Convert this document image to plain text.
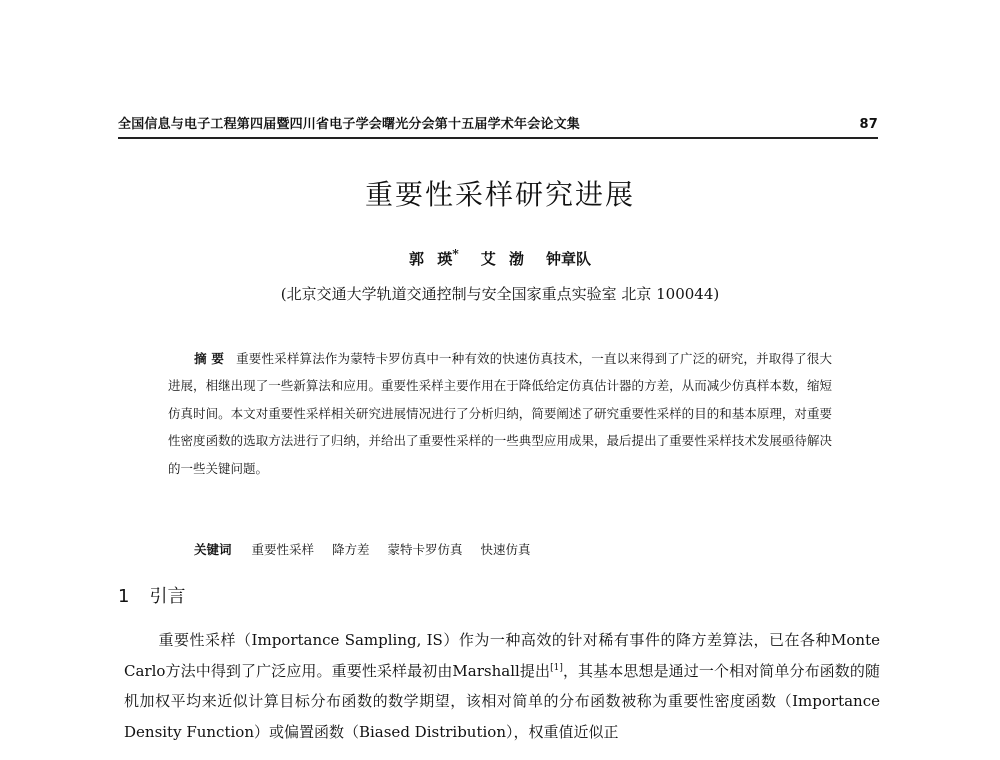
全国信息与电子工程第四届暨四川省电子学会曙光分会第十五届学术年会论文集	87
重要性采样研究进展
郭 瑛* 艾 渤 钟章队
(北京交通大学轨道交通控制与安全国家重点实验室 北京 100044)
摘 要 重要性采样算法作为蒙特卡罗仿真中一种有效的快速仿真技术，一直以来得到了广泛的研究，并取得了很大进展，相继出现了一些新算法和应用。重要性采样主要作用在于降低给定仿真估计器的方差，从而减少仿真样本数，缩短仿真时间。本文对重要性采样相关研究进展情况进行了分析归纳，简要阐述了研究重要性采样的目的和基本原理，对重要性密度函数的选取方法进行了归纳，并给出了重要性采样的一些典型应用成果，最后提出了重要性采样技术发展亟待解决的一些关键问题。
关键词 重要性采样 降方差 蒙特卡罗仿真 快速仿真
1 引言
重要性采样（Importance Sampling, IS）作为一种高效的针对稀有事件的降方差算法，已在各种Monte Carlo方法中得到了广泛应用。重要性采样最初由Marshall提出[1]，其基本思想是通过一个相对简单分布函数的随机加权平均来近似计算目标分布函数的数学期望，该相对简单的分布函数被称为重要性密度函数（Importance Density Function）或偏置函数（Biased Distribution），权重值近似正
